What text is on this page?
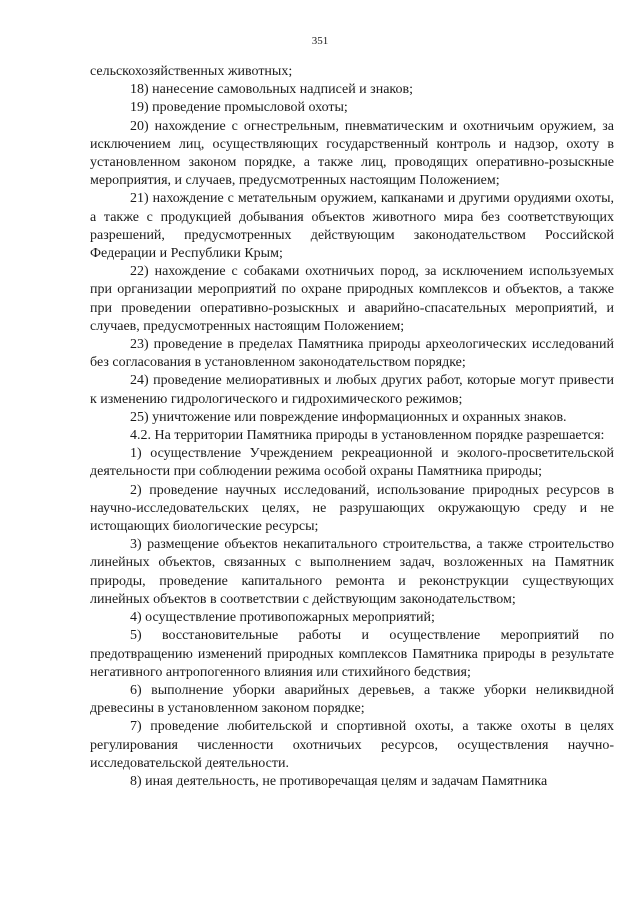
351

сельскохозяйственных животных;

18) нанесение самовольных надписей и знаков;

19) проведение промысловой охоты;

20) нахождение с огнестрельным, пневматическим и охотничьим оружием, за исключением лиц, осуществляющих государственный контроль и надзор, охоту в установленном законом порядке, а также лиц, проводящих оперативно-розыскные мероприятия, и случаев, предусмотренных настоящим Положением;

21) нахождение с метательным оружием, капканами и другими орудиями охоты, а также с продукцией добывания объектов животного мира без соответствующих разрешений, предусмотренных действующим законодательством Российской Федерации и Республики Крым;

22) нахождение с собаками охотничьих пород, за исключением используемых при организации мероприятий по охране природных комплексов и объектов, а также при проведении оперативно-розыскных и аварийно-спасательных мероприятий, и случаев, предусмотренных настоящим Положением;

23) проведение в пределах Памятника природы археологических исследований без согласования в установленном законодательством порядке;

24) проведение мелиоративных и любых других работ, которые могут привести к изменению гидрологического и гидрохимического режимов;

25) уничтожение или повреждение информационных и охранных знаков.

4.2. На территории Памятника природы в установленном порядке разрешается:

1) осуществление Учреждением рекреационной и эколого-просветительской деятельности при соблюдении режима особой охраны Памятника природы;

2) проведение научных исследований, использование природных ресурсов в научно-исследовательских целях, не разрушающих окружающую среду и не истощающих биологические ресурсы;

3) размещение объектов некапитального строительства, а также строительство линейных объектов, связанных с выполнением задач, возложенных на Памятник природы, проведение капитального ремонта и реконструкции существующих линейных объектов в соответствии с действующим законодательством;

4) осуществление противопожарных мероприятий;

5) восстановительные работы и осуществление мероприятий по предотвращению изменений природных комплексов Памятника природы в результате негативного антропогенного влияния или стихийного бедствия;

6) выполнение уборки аварийных деревьев, а также уборки неликвидной древесины в установленном законом порядке;

7) проведение любительской и спортивной охоты, а также охоты в целях регулирования численности охотничьих ресурсов, осуществления научно-исследовательской деятельности.

8) иная деятельность, не противоречащая целям и задачам Памятника
